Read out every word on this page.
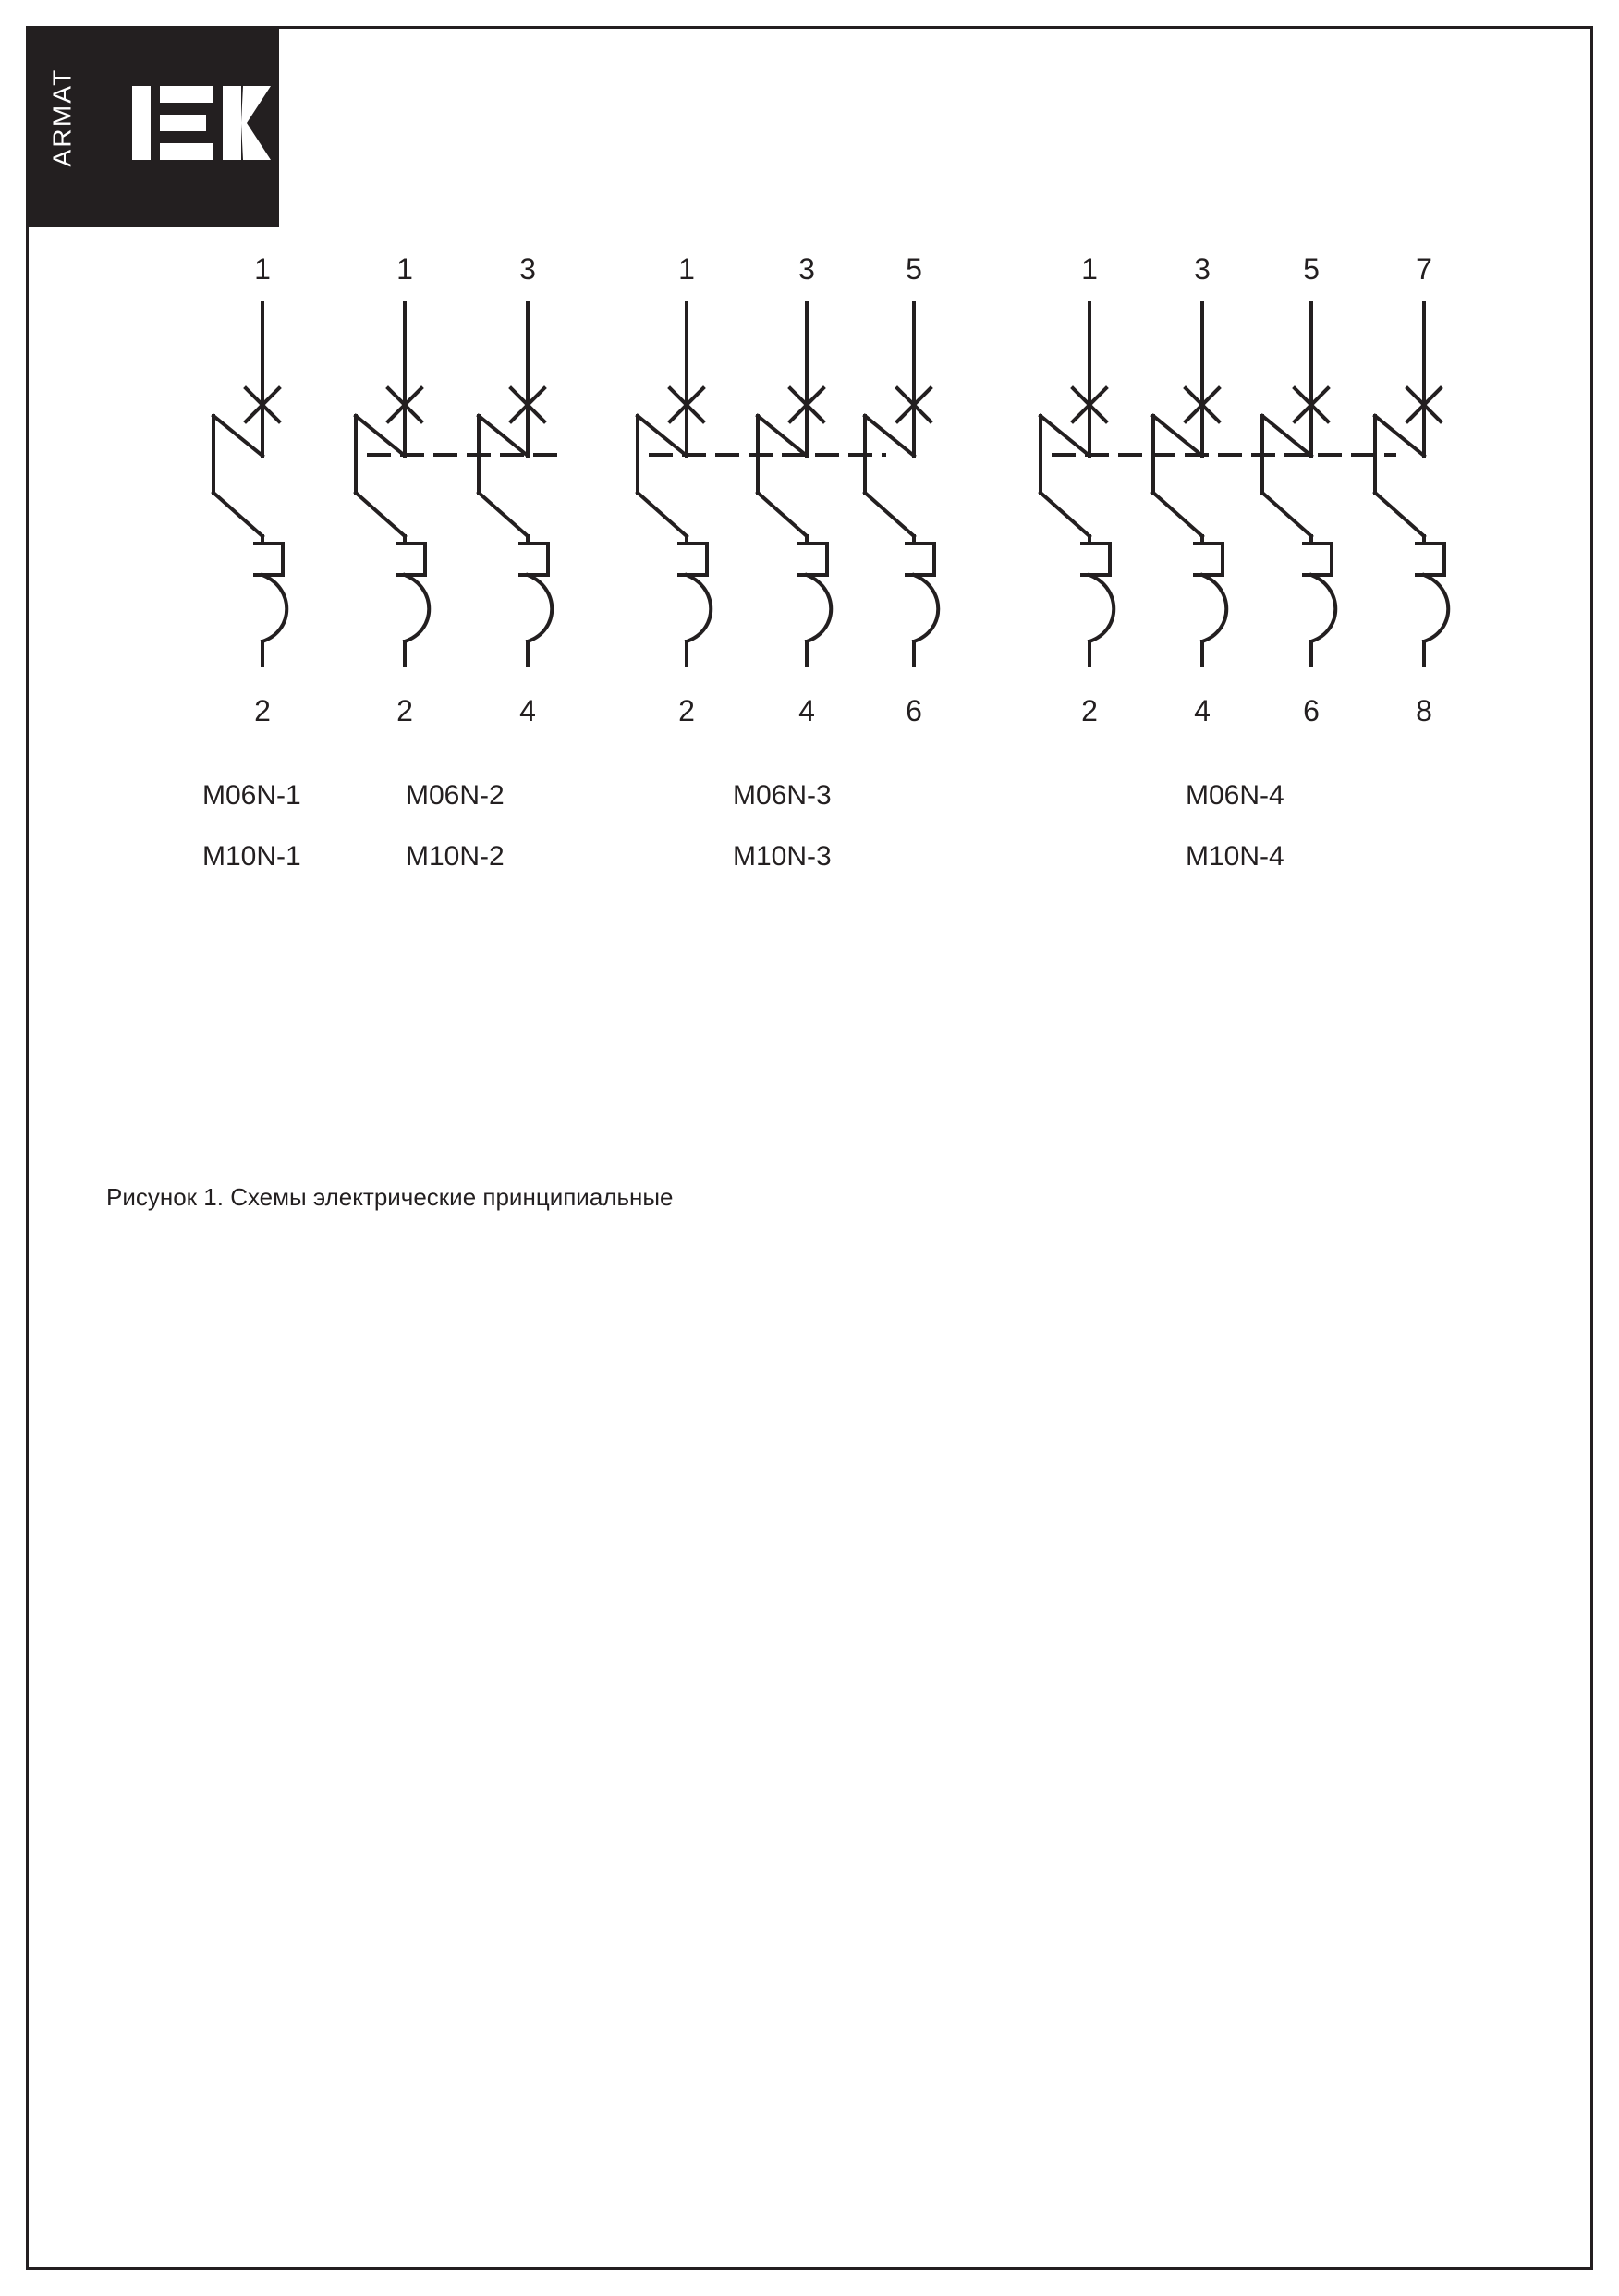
ARMAT
1
2
1	3
2	4
1	3	5
2	4	6
1	3	5	7
2	4	6	8
M06N-1
M10N-1
M06N-2
M10N-2
M06N-3
M10N-3
M06N-4
M10N-4
Рисунок 1. Схемы электрические принципиальные
